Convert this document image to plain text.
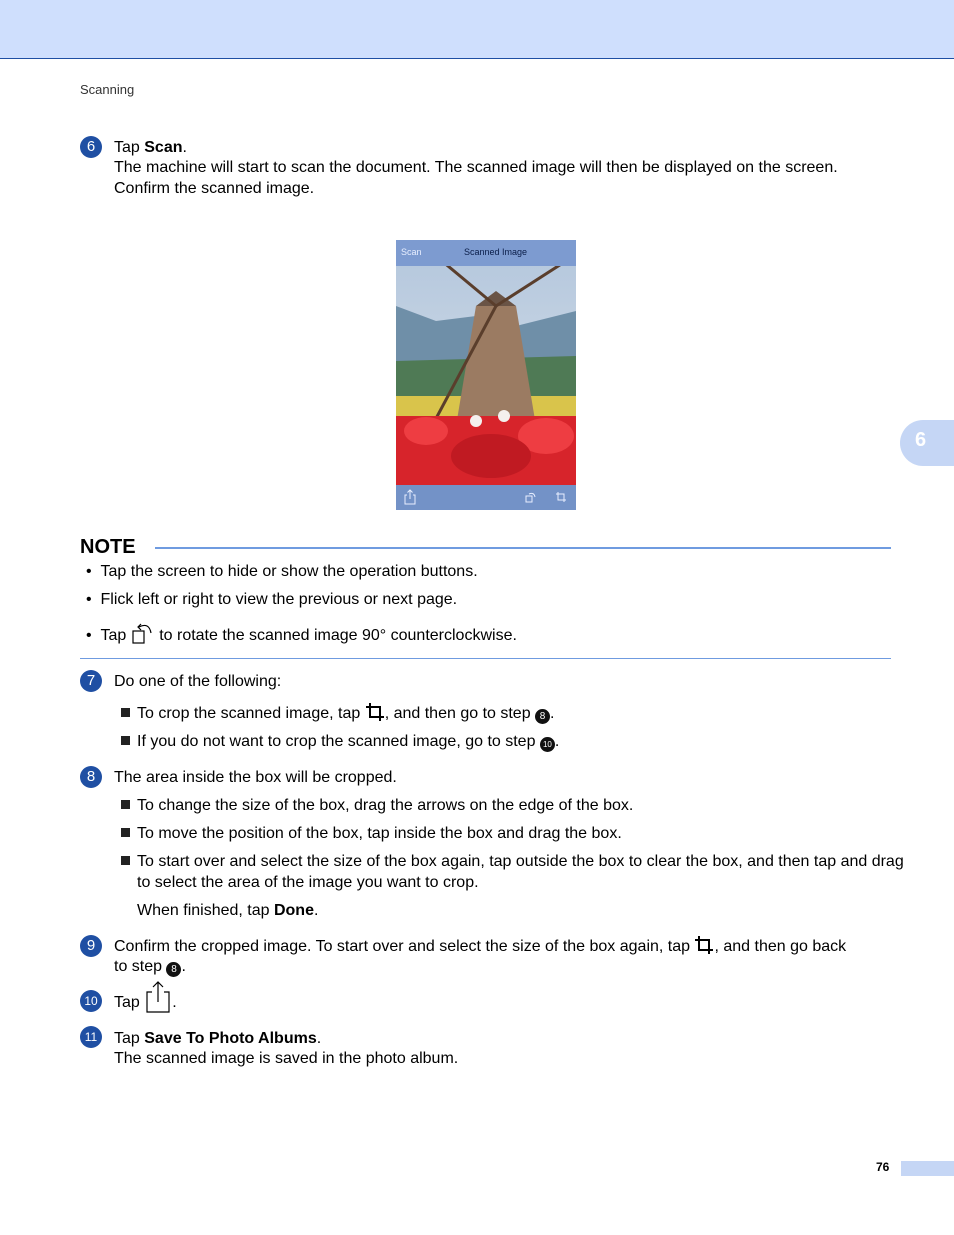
Scanning
6
6	Tap Scan.
The machine will start to scan the document. The scanned image will then be displayed on the screen.
Confirm the scanned image.
Scan	Scanned Image
NOTE
•  Tap the screen to hide or show the operation buttons.
•  Flick left or right to view the previous or next page.
•  Tap  to rotate the scanned image 90° counterclockwise.
7	Do one of the following:
To crop the scanned image, tap , and then go to step 8 .
If you do not want to crop the scanned image, go to step 10 .
8	The area inside the box will be cropped.
To change the size of the box, drag the arrows on the edge of the box.
To move the position of the box, tap inside the box and drag the box.
To start over and select the size of the box again, tap outside the box to clear the box, and then tap and drag to select the area of the image you want to crop.
When finished, tap Done.
9	Confirm the cropped image. To start over and select the size of the box again, tap , and then go back
to step 8 .
10 Tap .
11 Tap Save To Photo Albums.
The scanned image is saved in the photo album.
76
